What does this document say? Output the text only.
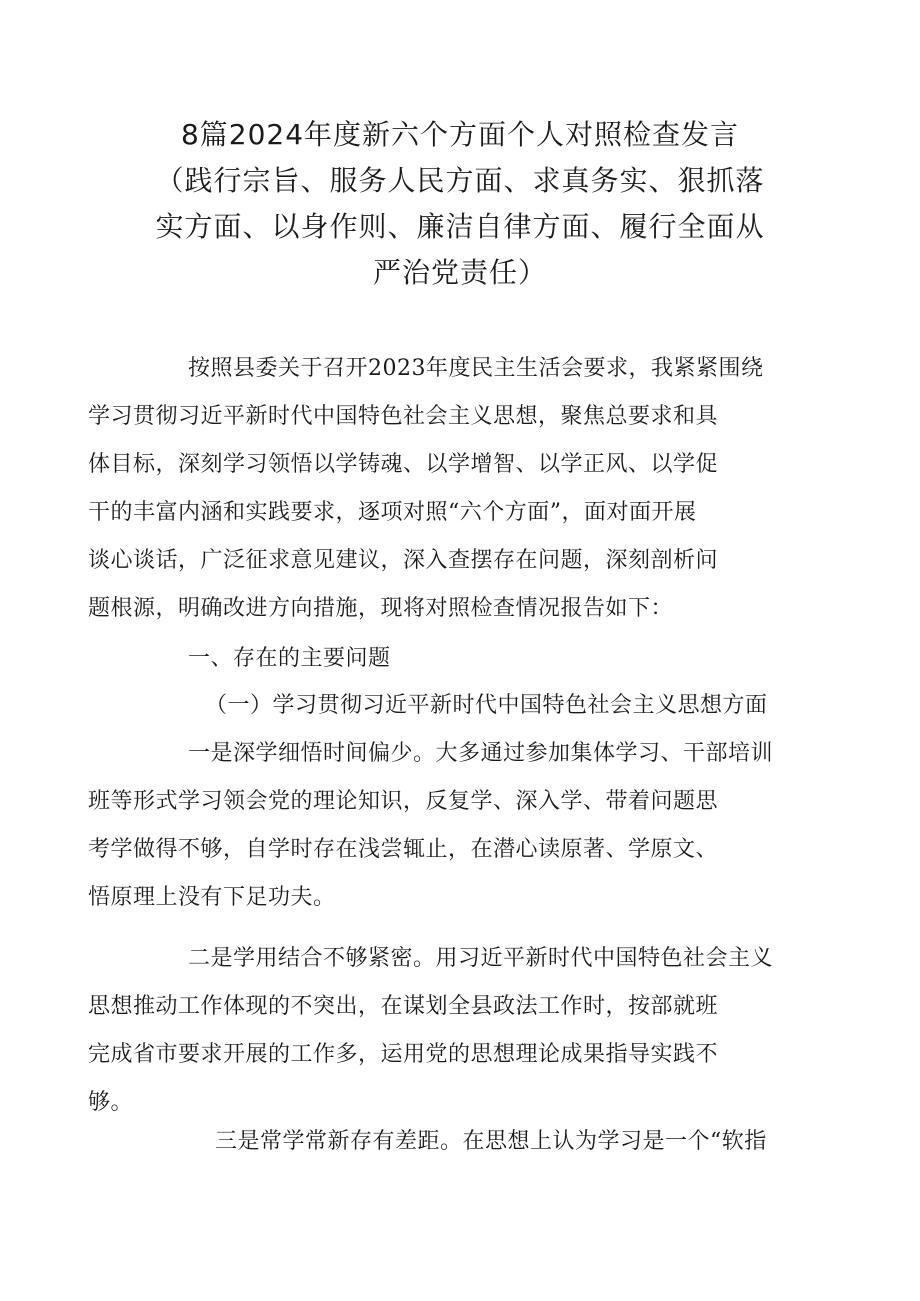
8篇2024年度新六个方面个人对照检查发言
（践行宗旨、服务人民方面、求真务实、狠抓落
实方面、以身作则、廉洁自律方面、履行全面从
严治党责任）
按照县委关于召开2023年度民主生活会要求，我紧紧围绕
学习贯彻习近平新时代中国特色社会主义思想，聚焦总要求和具
体目标，深刻学习领悟以学铸魂、以学增智、以学正风、以学促
干的丰富内涵和实践要求，逐项对照“六个方面”，面对面开展
谈心谈话，广泛征求意见建议，深入查摆存在问题，深刻剖析问
题根源，明确改进方向措施，现将对照检查情况报告如下：
一、存在的主要问题
（一）学习贯彻习近平新时代中国特色社会主义思想方面
一是深学细悟时间偏少。大多通过参加集体学习、干部培训
班等形式学习领会党的理论知识，反复学、深入学、带着问题思
考学做得不够，自学时存在浅尝辄止，在潜心读原著、学原文、
悟原理上没有下足功夫。
二是学用结合不够紧密。用习近平新时代中国特色社会主义
思想推动工作体现的不突出，在谋划全县政法工作时，按部就班
完成省市要求开展的工作多，运用党的思想理论成果指导实践不
够。
三是常学常新存有差距。在思想上认为学习是一个“软指
